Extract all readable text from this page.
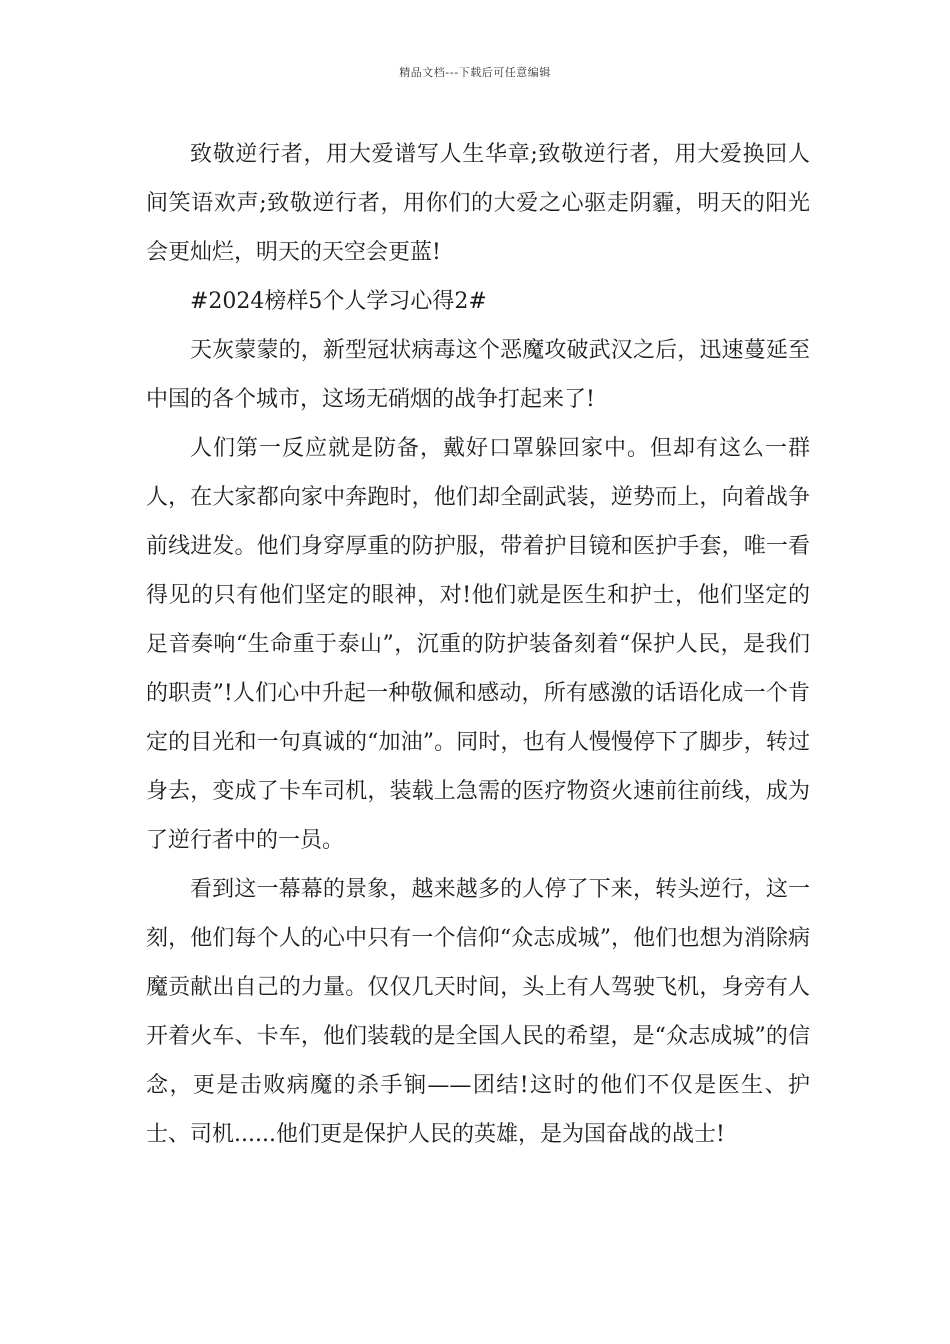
精品文档---下载后可任意编辑

致敬逆行者，用大爱谱写人生华章;致敬逆行者，用大爱换回人间笑语欢声;致敬逆行者，用你们的大爱之心驱走阴霾，明天的阳光会更灿烂，明天的天空会更蓝!

#2024榜样5个人学习心得2#

天灰蒙蒙的，新型冠状病毒这个恶魔攻破武汉之后，迅速蔓延至中国的各个城市，这场无硝烟的战争打起来了!

人们第一反应就是防备，戴好口罩躲回家中。但却有这么一群人，在大家都向家中奔跑时，他们却全副武装，逆势而上，向着战争前线进发。他们身穿厚重的防护服，带着护目镜和医护手套，唯一看得见的只有他们坚定的眼神，对!他们就是医生和护士，他们坚定的足音奏响“生命重于泰山”，沉重的防护装备刻着“保护人民，是我们的职责”!人们心中升起一种敬佩和感动，所有感激的话语化成一个肯定的目光和一句真诚的“加油”。同时，也有人慢慢停下了脚步，转过身去，变成了卡车司机，装载上急需的医疗物资火速前往前线，成为了逆行者中的一员。

看到这一幕幕的景象，越来越多的人停了下来，转头逆行，这一刻，他们每个人的心中只有一个信仰“众志成城”，他们也想为消除病魔贡献出自己的力量。仅仅几天时间，头上有人驾驶飞机，身旁有人开着火车、卡车，他们装载的是全国人民的希望，是“众志成城”的信念，更是击败病魔的杀手锏——团结!这时的他们不仅是医生、护士、司机......他们更是保护人民的英雄，是为国奋战的战士!
